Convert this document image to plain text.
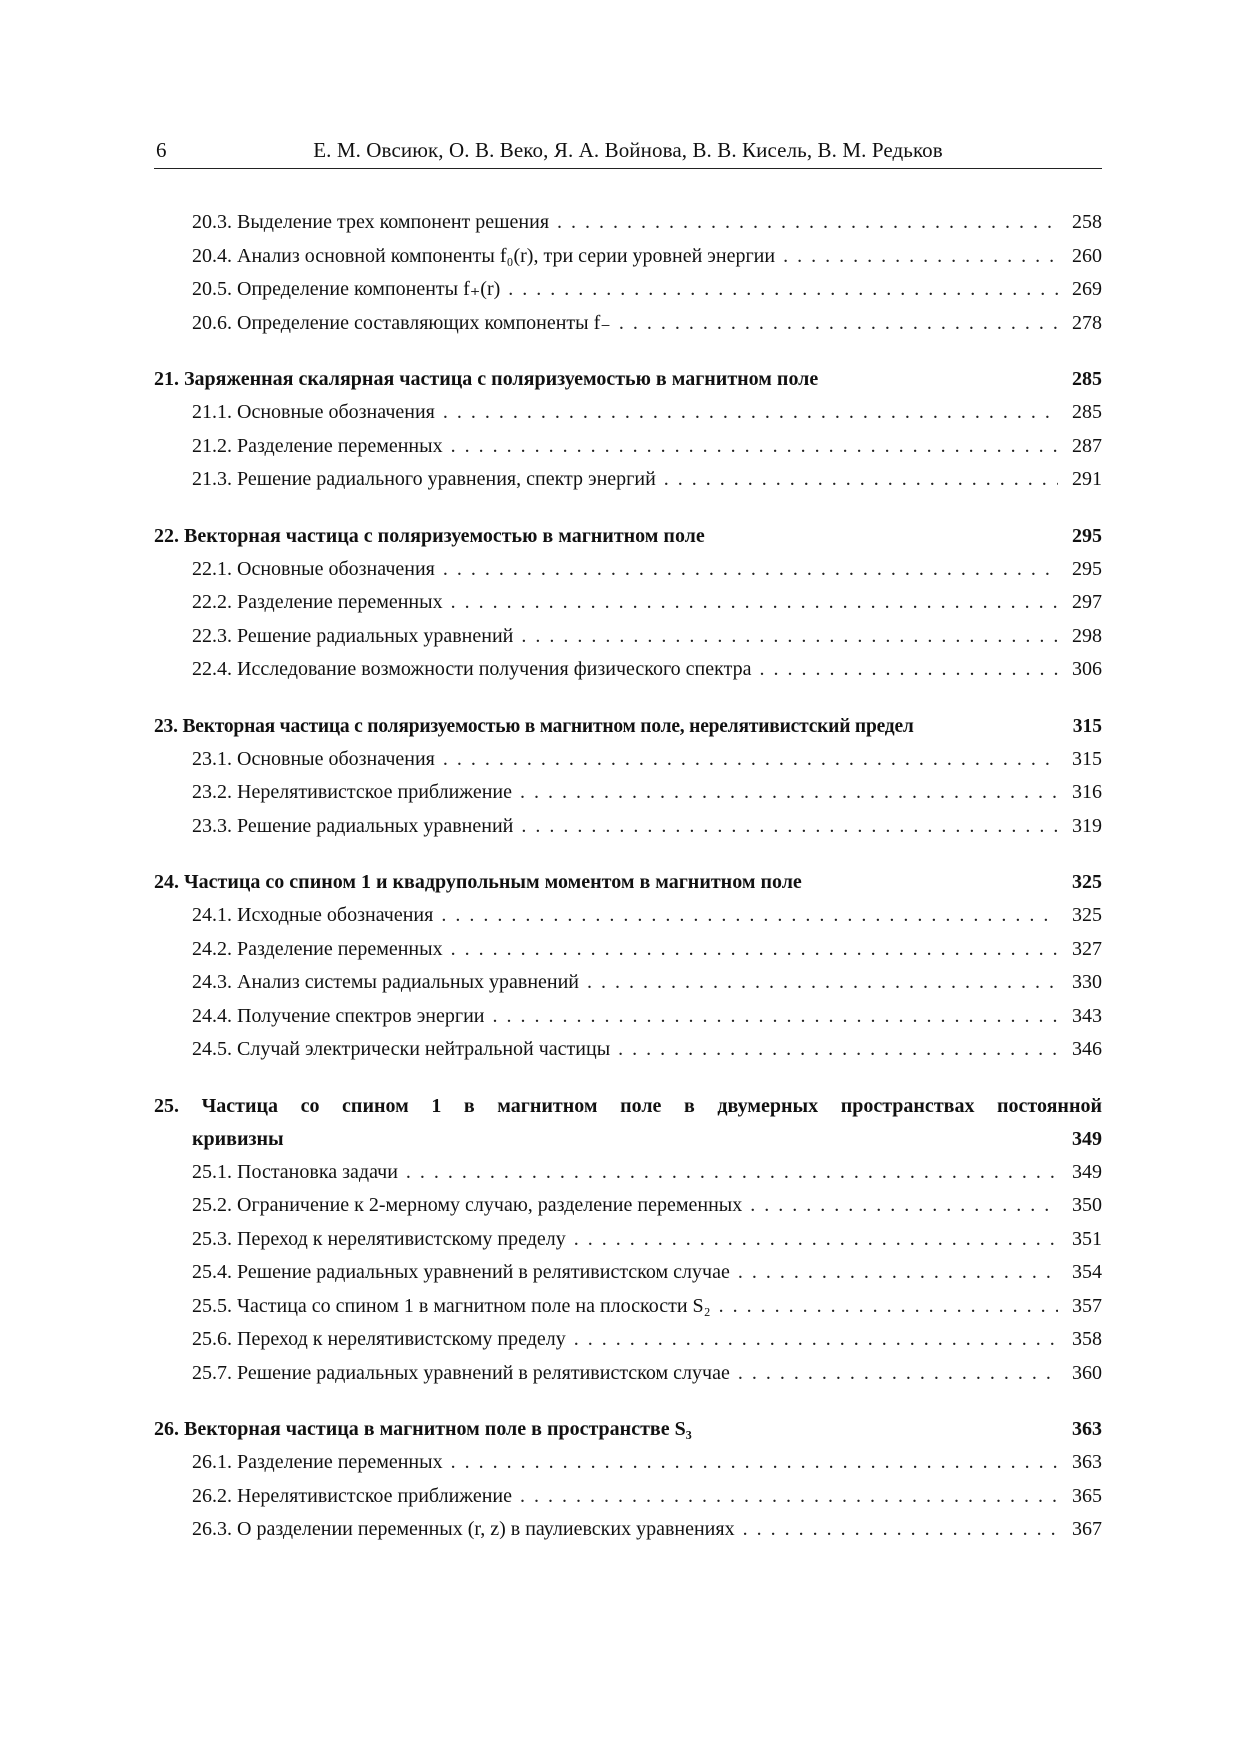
6	Е. М. Овсиюк, О. В. Веко, Я. А. Войнова, В. В. Кисель, В. М. Редьков
20.3. Выделение трех компонент решения . . .	258
20.4. Анализ основной компоненты f₀(r), три серии уровней энергии . . .	260
20.5. Определение компоненты f₊(r) . . .	269
20.6. Определение составляющих компоненты f₋ . . .	278
21. Заряженная скалярная частица с поляризуемостью в магнитном поле	285
21.1. Основные обозначения . . .	285
21.2. Разделение переменных . . .	287
21.3. Решение радиального уравнения, спектр энергий . . .	291
22. Векторная частица с поляризуемостью в магнитном поле	295
22.1. Основные обозначения . . .	295
22.2. Разделение переменных . . .	297
22.3. Решение радиальных уравнений . . .	298
22.4. Исследование возможности получения физического спектра . . .	306
23. Векторная частица с поляризуемостью в магнитном поле, нерелятивистский предел	315
23.1. Основные обозначения . . .	315
23.2. Нерелятивистское приближение . . .	316
23.3. Решение радиальных уравнений . . .	319
24. Частица со спином 1 и квадрупольным моментом в магнитном поле	325
24.1. Исходные обозначения . . .	325
24.2. Разделение переменных . . .	327
24.3. Анализ системы радиальных уравнений . . .	330
24.4. Получение спектров энергии . . .	343
24.5. Случай электрически нейтральной частицы . . .	346
25. Частица со спином 1 в магнитном поле в двумерных пространствах постоянной
кривизны	349
25.1. Постановка задачи . . .	349
25.2. Ограничение к 2-мерному случаю, разделение переменных . . .	350
25.3. Переход к нерелятивистскому пределу . . .	351
25.4. Решение радиальных уравнений в релятивистском случае . . .	354
25.5. Частица со спином 1 в магнитном поле на плоскости S₂ . . .	357
25.6. Переход к нерелятивистскому пределу . . .	358
25.7. Решение радиальных уравнений в релятивистском случае . . .	360
26. Векторная частица в магнитном поле в пространстве S₃	363
26.1. Разделение переменных . . .	363
26.2. Нерелятивистское приближение . . .	365
26.3. О разделении переменных (r, z) в паулиевских уравнениях . . .	367
